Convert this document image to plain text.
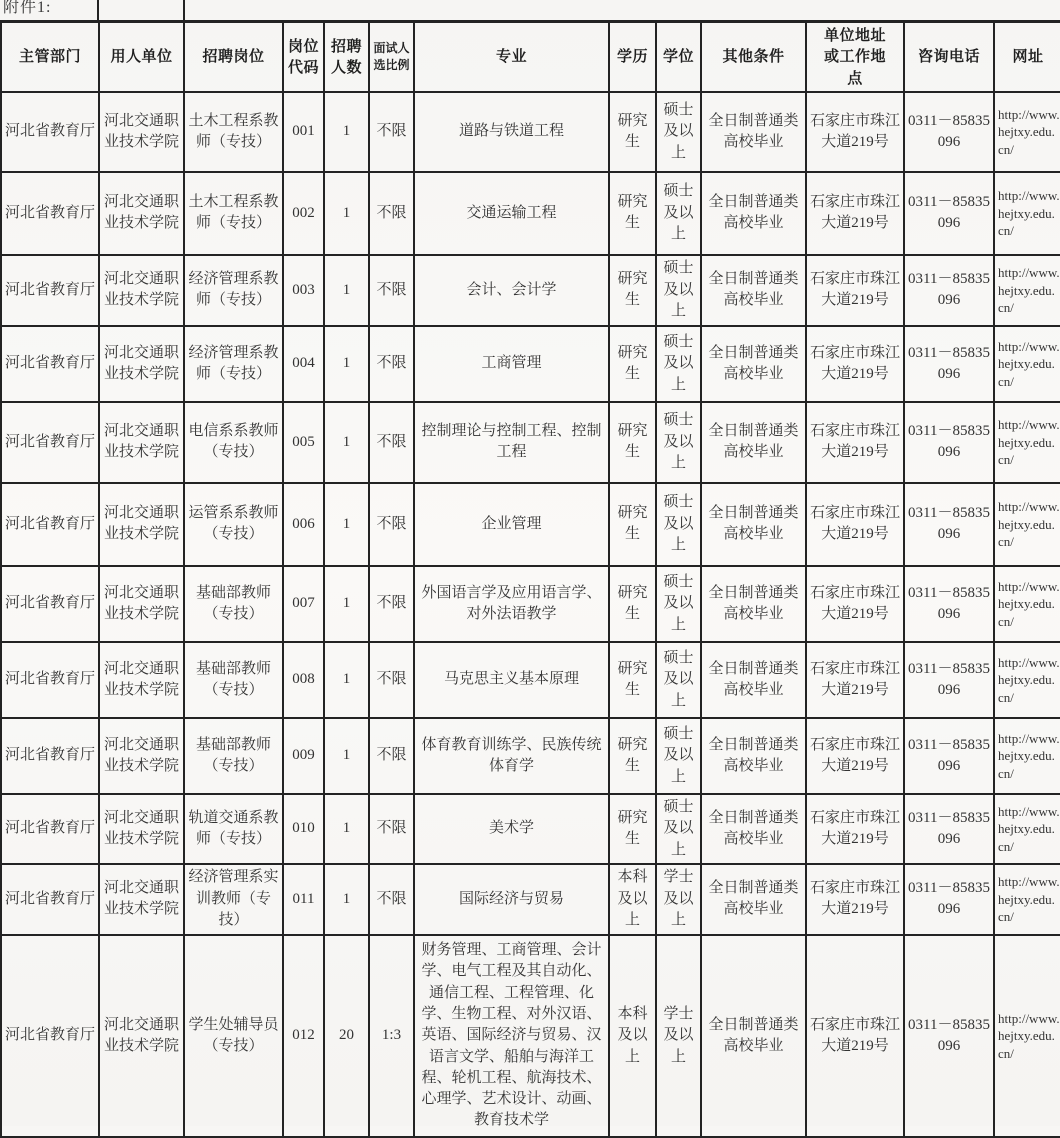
附件1:
主管部门	用人单位	招聘岗位	岗位代码	招聘人数	面试人选比例	专业	学历	学位	其他条件	单位地址或工作地点	咨询电话	网址
河北省教育厅	河北交通职业技术学院	土木工程系教师（专技）	001	1	不限	道路与铁道工程	研究生	硕士及以上	全日制普通类高校毕业	石家庄市珠江大道219号	0311－85835096	http://www.hejtxy.edu.cn/
河北省教育厅	河北交通职业技术学院	土木工程系教师（专技）	002	1	不限	交通运输工程	研究生	硕士及以上	全日制普通类高校毕业	石家庄市珠江大道219号	0311－85835096	http://www.hejtxy.edu.cn/
河北省教育厅	河北交通职业技术学院	经济管理系教师（专技）	003	1	不限	会计、会计学	研究生	硕士及以上	全日制普通类高校毕业	石家庄市珠江大道219号	0311－85835096	http://www.hejtxy.edu.cn/
河北省教育厅	河北交通职业技术学院	经济管理系教师（专技）	004	1	不限	工商管理	研究生	硕士及以上	全日制普通类高校毕业	石家庄市珠江大道219号	0311－85835096	http://www.hejtxy.edu.cn/
河北省教育厅	河北交通职业技术学院	电信系系教师（专技）	005	1	不限	控制理论与控制工程、控制工程	研究生	硕士及以上	全日制普通类高校毕业	石家庄市珠江大道219号	0311－85835096	http://www.hejtxy.edu.cn/
河北省教育厅	河北交通职业技术学院	运管系系教师（专技）	006	1	不限	企业管理	研究生	硕士及以上	全日制普通类高校毕业	石家庄市珠江大道219号	0311－85835096	http://www.hejtxy.edu.cn/
河北省教育厅	河北交通职业技术学院	基础部教师（专技）	007	1	不限	外国语言学及应用语言学、对外法语教学	研究生	硕士及以上	全日制普通类高校毕业	石家庄市珠江大道219号	0311－85835096	http://www.hejtxy.edu.cn/
河北省教育厅	河北交通职业技术学院	基础部教师（专技）	008	1	不限	马克思主义基本原理	研究生	硕士及以上	全日制普通类高校毕业	石家庄市珠江大道219号	0311－85835096	http://www.hejtxy.edu.cn/
河北省教育厅	河北交通职业技术学院	基础部教师（专技）	009	1	不限	体育教育训练学、民族传统体育学	研究生	硕士及以上	全日制普通类高校毕业	石家庄市珠江大道219号	0311－85835096	http://www.hejtxy.edu.cn/
河北省教育厅	河北交通职业技术学院	轨道交通系教师（专技）	010	1	不限	美术学	研究生	硕士及以上	全日制普通类高校毕业	石家庄市珠江大道219号	0311－85835096	http://www.hejtxy.edu.cn/
河北省教育厅	河北交通职业技术学院	经济管理系实训教师（专技）	011	1	不限	国际经济与贸易	本科及以上	学士及以上	全日制普通类高校毕业	石家庄市珠江大道219号	0311－85835096	http://www.hejtxy.edu.cn/
河北省教育厅	河北交通职业技术学院	学生处辅导员（专技）	012	20	1:3	财务管理、工商管理、会计学、电气工程及其自动化、通信工程、工程管理、化学、生物工程、对外汉语、英语、国际经济与贸易、汉语言文学、船舶与海洋工程、轮机工程、航海技术、心理学、艺术设计、动画、教育技术学	本科及以上	学士及以上	全日制普通类高校毕业	石家庄市珠江大道219号	0311－85835096	http://www.hejtxy.edu.cn/
